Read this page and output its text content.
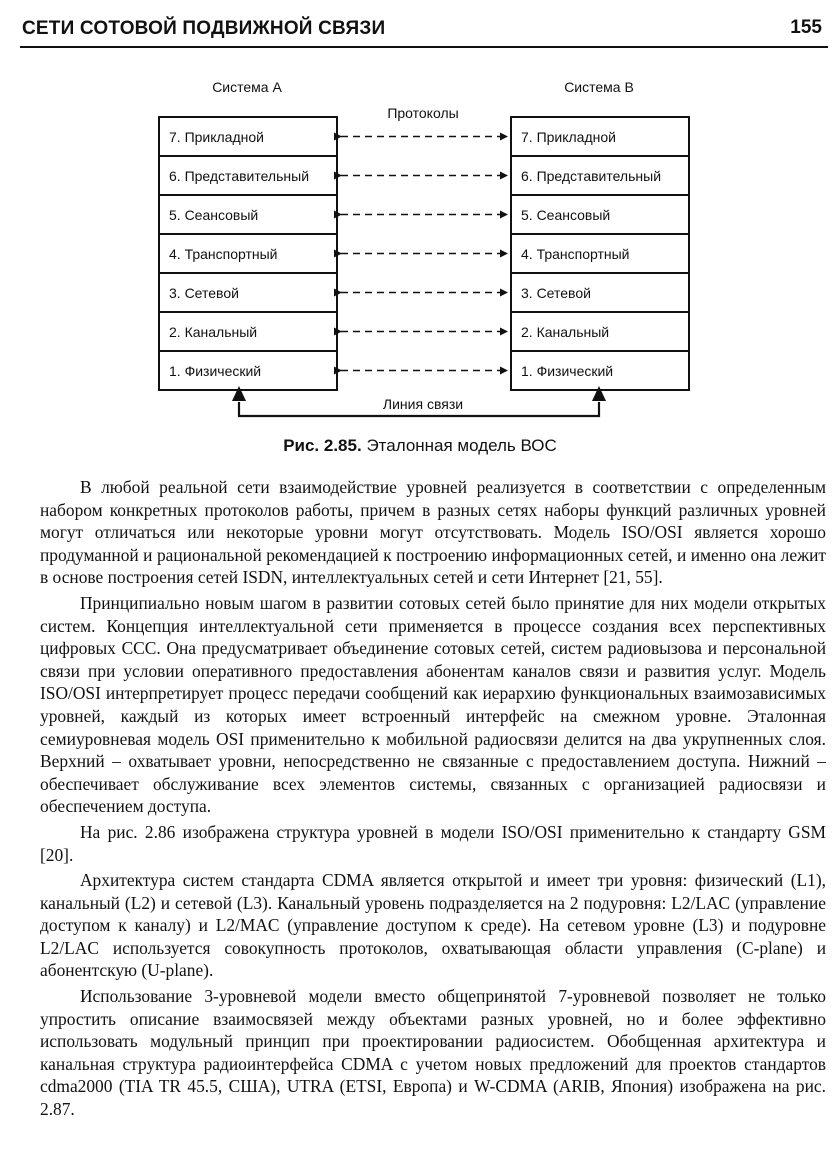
СЕТИ СОТОВОЙ ПОДВИЖНОЙ СВЯЗИ	155
Система А	Система В
Протоколы
7. Прикладной	7. Прикладной
6. Представительный	6. Представительный
5. Сеансовый	5. Сеансовый
4. Транспортный	4. Транспортный
3. Сетевой	3. Сетевой
2. Канальный	2. Канальный
1. Физический	1. Физический
Линия связи
Рис. 2.85. Эталонная модель ВОС

В любой реальной сети взаимодействие уровней реализуется в соответствии с определенным набором конкретных протоколов работы, причем в разных сетях наборы функций различных уровней могут отличаться или некоторые уровни могут отсутствовать. Модель ISO/OSI является хорошо продуманной и рациональной рекомендацией к построению информационных сетей, и именно она лежит в основе построения сетей ISDN, интеллектуальных сетей и сети Интернет [21, 55].

Принципиально новым шагом в развитии сотовых сетей было принятие для них модели открытых систем. Концепция интеллектуальной сети применяется в процессе создания всех перспективных цифровых ССС. Она предусматривает объединение сотовых сетей, систем радиовызова и персональной связи при условии оперативного предоставления абонентам каналов связи и развития услуг. Модель ISO/OSI интерпретирует процесс передачи сообщений как иерархию функциональных взаимозависимых уровней, каждый из которых имеет встроенный интерфейс на смежном уровне. Эталонная семиуровневая модель OSI применительно к мобильной радиосвязи делится на два укрупненных слоя. Верхний – охватывает уровни, непосредственно не связанные с предоставлением доступа. Нижний – обеспечивает обслуживание всех элементов системы, связанных с организацией радиосвязи и обеспечением доступа.

На рис. 2.86 изображена структура уровней в модели ISO/OSI применительно к стандарту GSM [20].

Архитектура систем стандарта CDMA является открытой и имеет три уровня: физический (L1), канальный (L2) и сетевой (L3). Канальный уровень подразделяется на 2 подуровня: L2/LAC (управление доступом к каналу) и L2/MAC (управление доступом к среде). На сетевом уровне (L3) и подуровне L2/LAC используется совокупность протоколов, охватывающая области управления (C-plane) и абонентскую (U-plane).

Использование 3-уровневой модели вместо общепринятой 7-уровневой позволяет не только упростить описание взаимосвязей между объектами разных уровней, но и более эффективно использовать модульный принцип при проектировании радиосистем. Обобщенная архитектура и канальная структура радиоинтерфейса CDMA с учетом новых предложений для проектов стандартов cdma2000 (TIA TR 45.5, США), UTRA (ETSI, Европа) и W-CDMA (ARIB, Япония) изображена на рис. 2.87.
